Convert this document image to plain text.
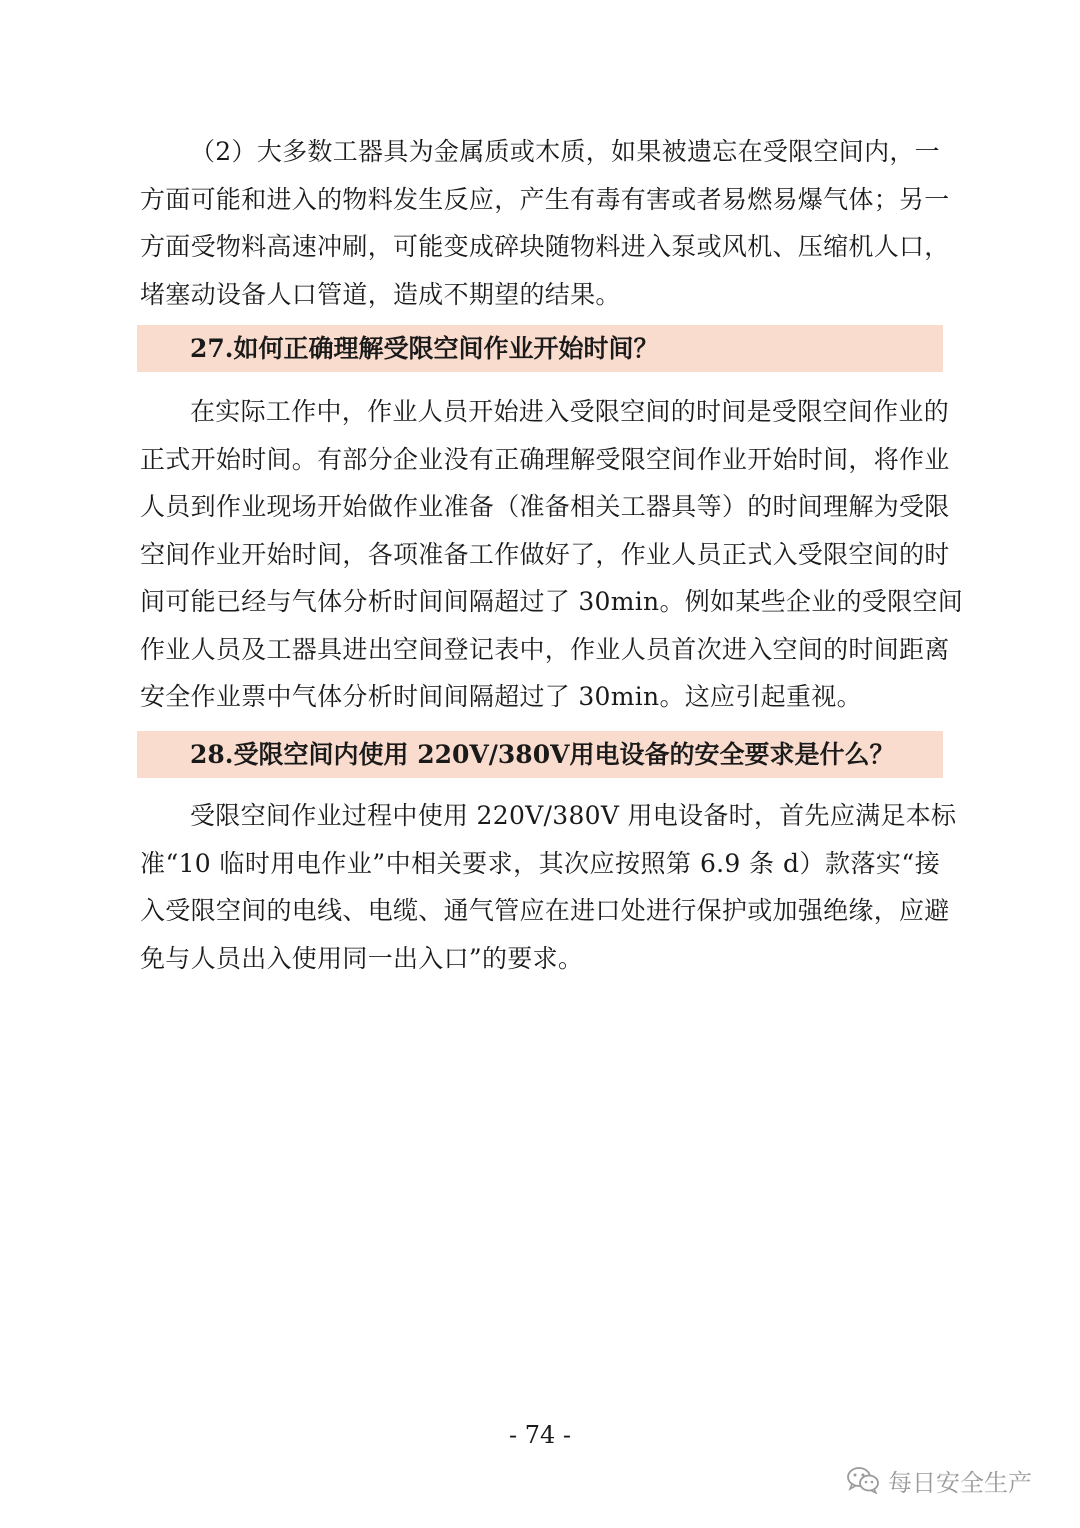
（2）大多数工器具为金属质或木质，如果被遗忘在受限空间内，一
方面可能和进入的物料发生反应，产生有毒有害或者易燃易爆气体；另一
方面受物料高速冲刷，可能变成碎块随物料进入泵或风机、压缩机人口，
堵塞动设备人口管道，造成不期望的结果。

27.如何正确理解受限空间作业开始时间？

在实际工作中，作业人员开始进入受限空间的时间是受限空间作业的
正式开始时间。有部分企业没有正确理解受限空间作业开始时间，将作业
人员到作业现场开始做作业准备（准备相关工器具等）的时间理解为受限
空间作业开始时间，各项准备工作做好了，作业人员正式入受限空间的时
间可能已经与气体分析时间间隔超过了 30min。例如某些企业的受限空间
作业人员及工器具进出空间登记表中，作业人员首次进入空间的时间距离
安全作业票中气体分析时间间隔超过了 30min。这应引起重视。

28.受限空间内使用 220V/380V用电设备的安全要求是什么？

受限空间作业过程中使用 220V/380V 用电设备时，首先应满足本标
准“10 临时用电作业”中相关要求，其次应按照第 6.9 条 d）款落实“接
入受限空间的电线、电缆、通气管应在进口处进行保护或加强绝缘，应避
免与人员出入使用同一出入口”的要求。

- 74 -
每日安全生产
